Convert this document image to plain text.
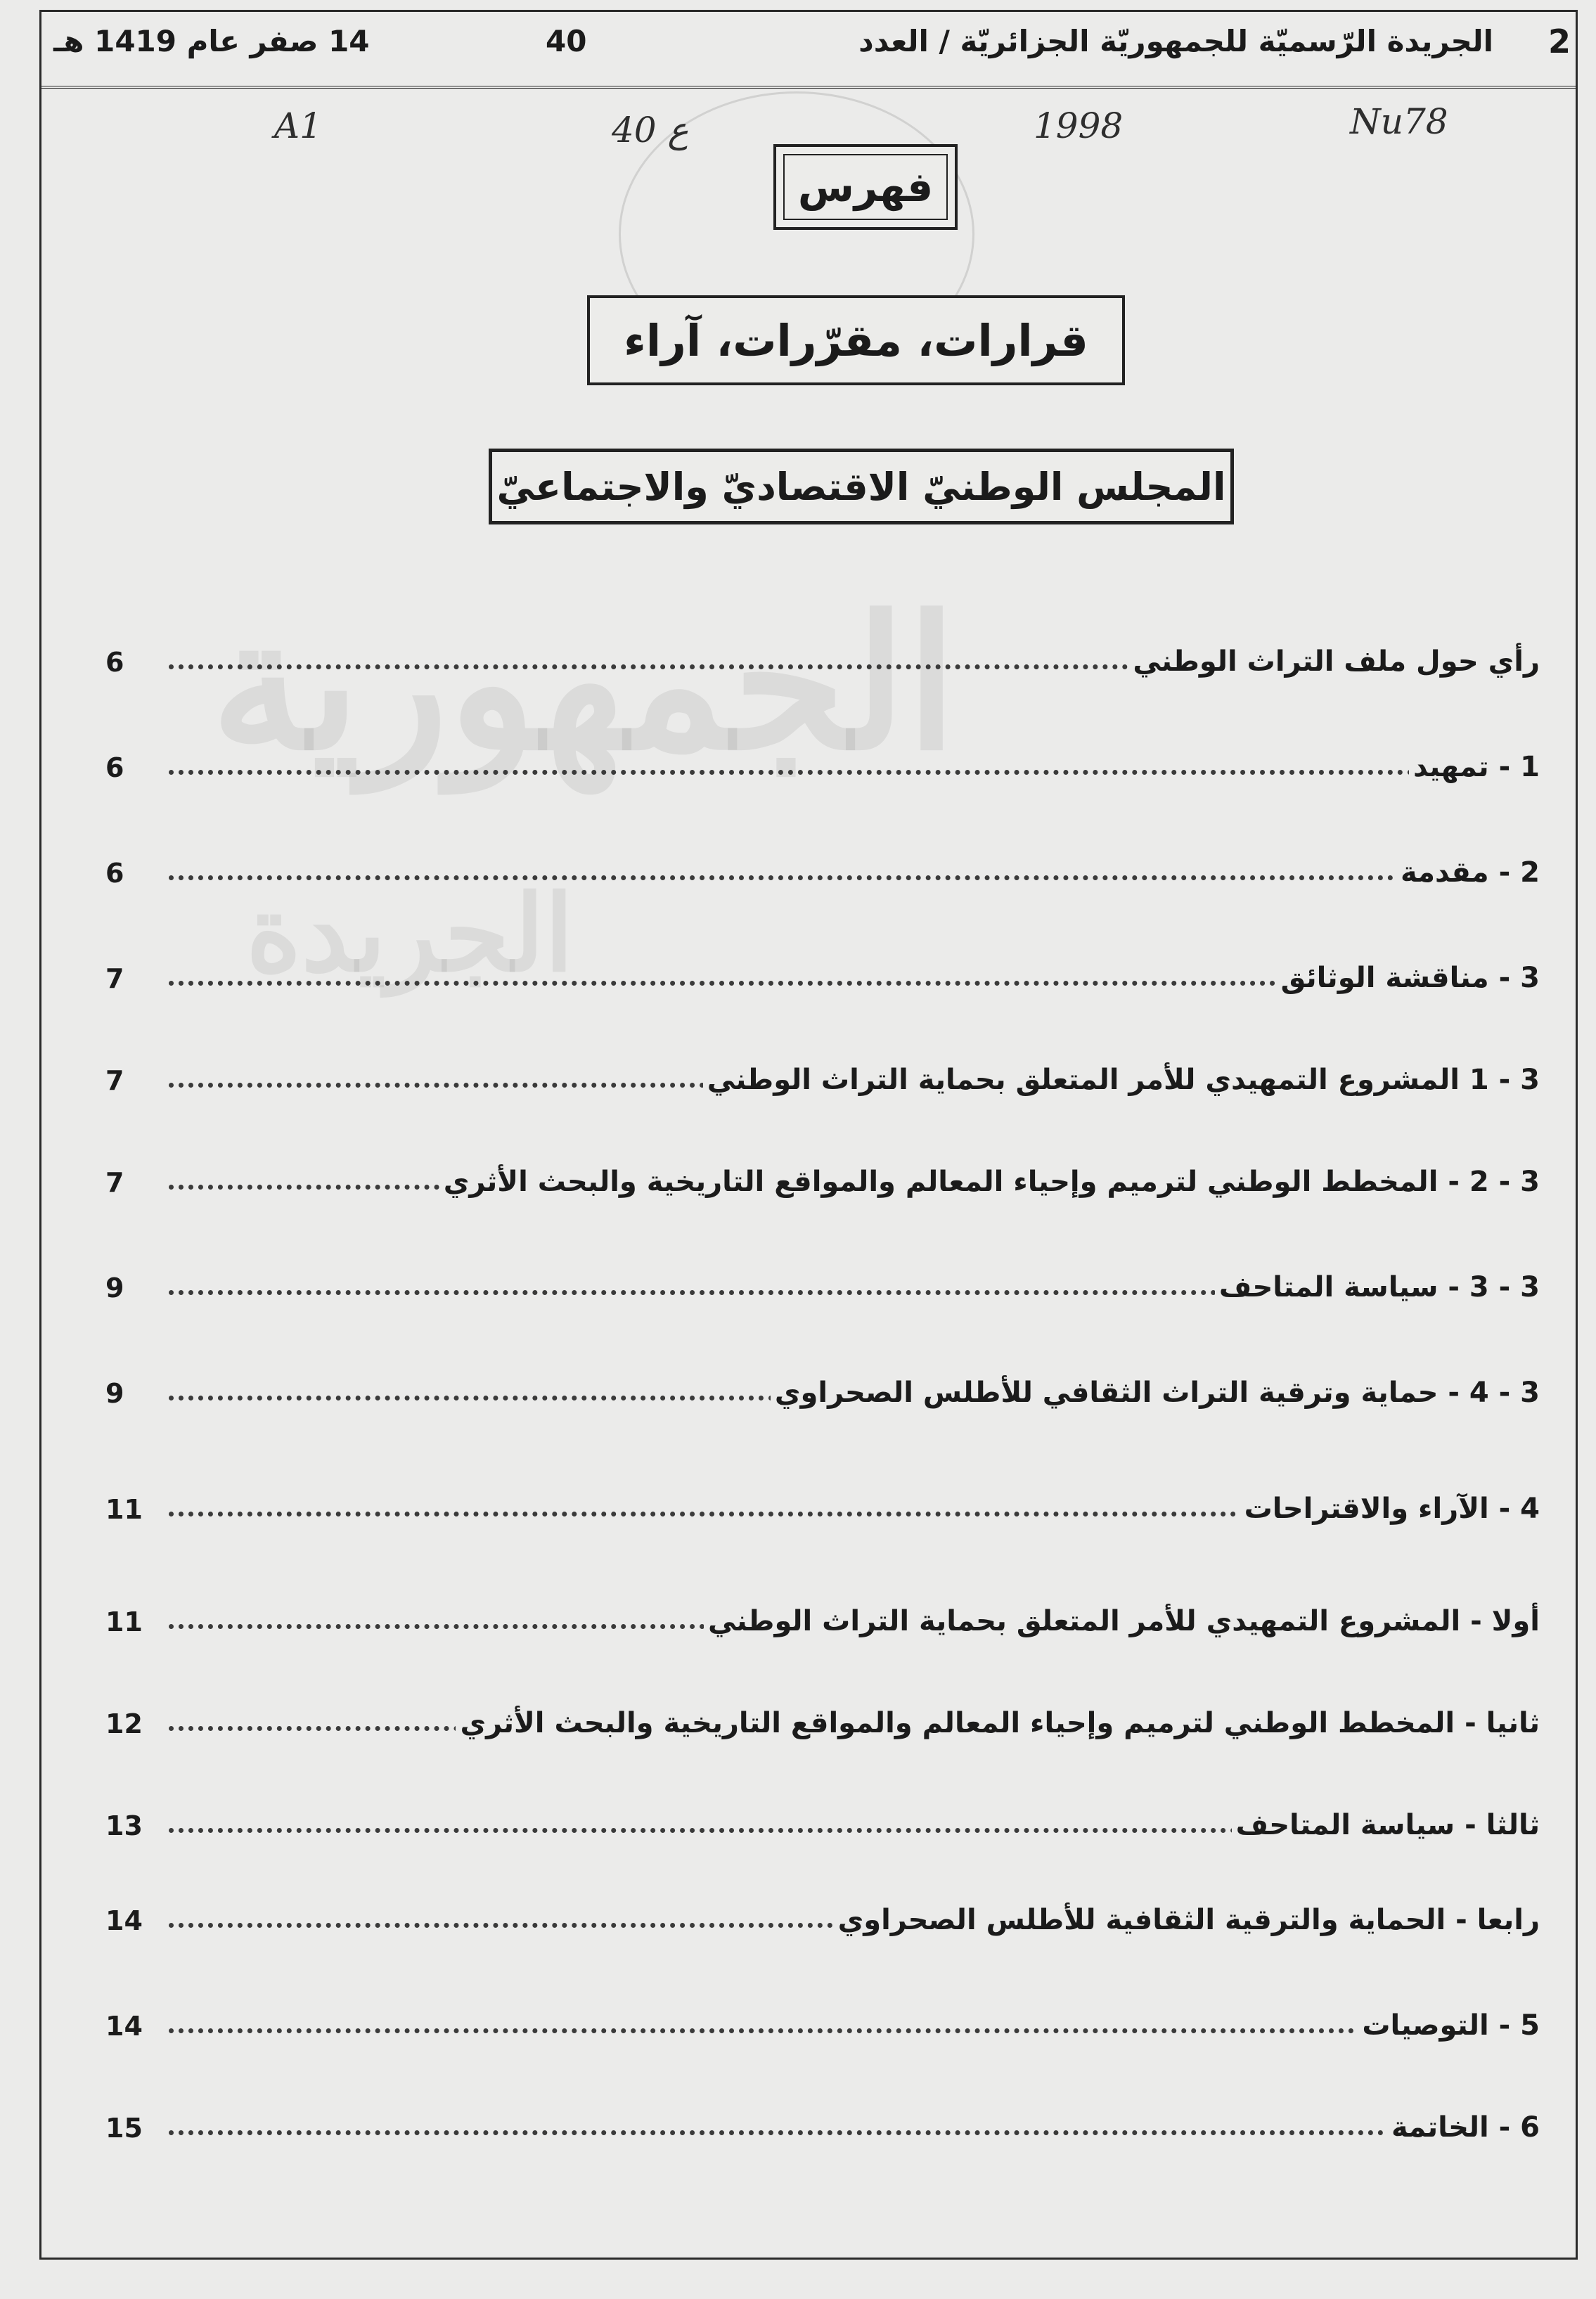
2
الجريدة الرّسميّة للجمهوريّة الجزائريّة / العدد
40
14 صفر عام 1419 هـ
الجمهورية
الجريدة
A1	40 ع	1998	Nu78
فهرس
قرارات، مقرّرات، آراء
المجلس الوطنيّ الاقتصاديّ والاجتماعيّ
6	رأي حول ملف التراث الوطني
6	1 - تمهيد
6	2 - مقدمة
7	3 - مناقشة الوثائق
7	3 - 1 المشروع التمهيدي للأمر المتعلق بحماية التراث الوطني
7	3 - 2 - المخطط الوطني لترميم وإحياء المعالم والمواقع التاريخية والبحث الأثري
9	3 - 3 - سياسة المتاحف
9	3 - 4 - حماية وترقية التراث الثقافي للأطلس الصحراوي
11	4 - الآراء والاقتراحات
11	أولا - المشروع التمهيدي للأمر المتعلق بحماية التراث الوطني
12	ثانيا - المخطط الوطني لترميم وإحياء المعالم والمواقع التاريخية والبحث الأثري
13	ثالثا - سياسة المتاحف
14	رابعا - الحماية والترقية الثقافية للأطلس الصحراوي
14	5 - التوصيات
15	6 - الخاتمة
